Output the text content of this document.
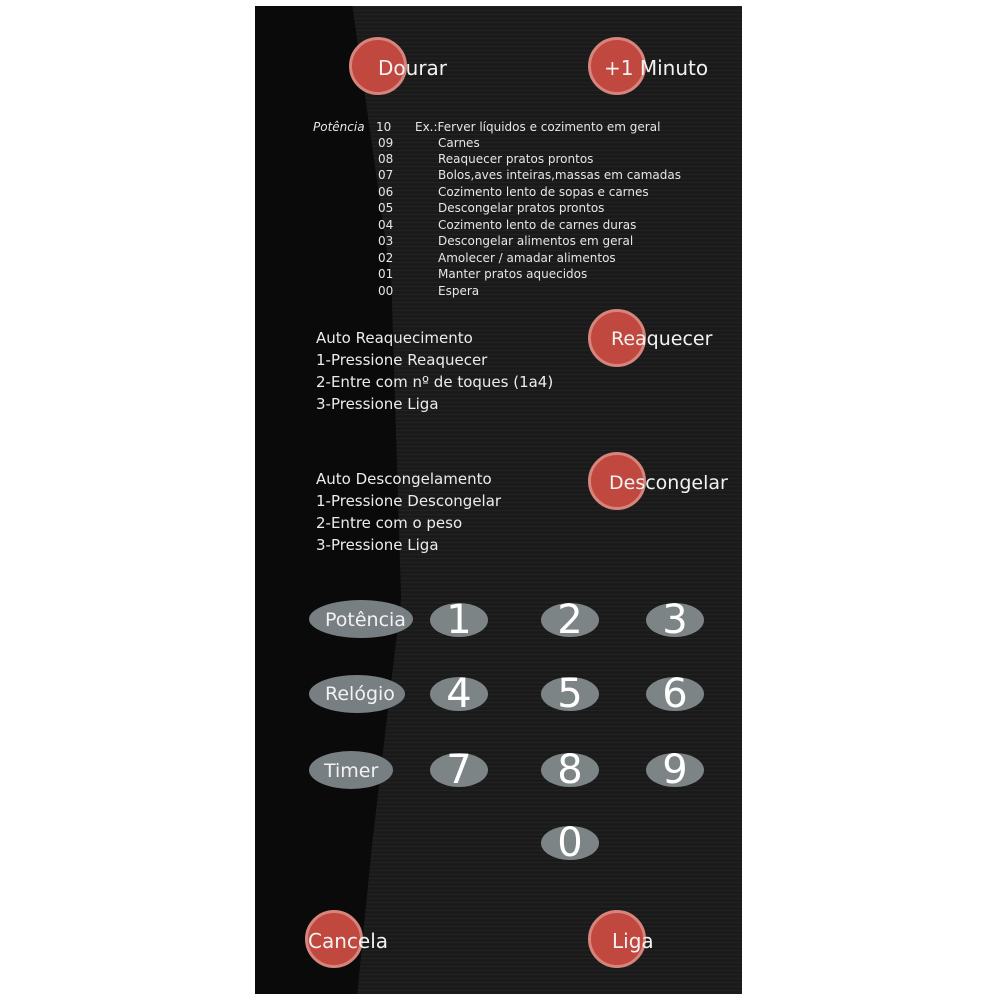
Dourar	+1 Minuto
Potência 10 Ex.:Ferver líquidos e cozimento em geral
09	Carnes
08	Reaquecer pratos prontos
07	Bolos,aves inteiras,massas em camadas
06	Cozimento lento de sopas e carnes
05	Descongelar pratos prontos
04	Cozimento lento de carnes duras
03	Descongelar alimentos em geral
02	Amolecer / amadar alimentos
01	Manter pratos aquecidos
00	Espera
Auto Reaquecimento
1-Pressione Reaquecer
2-Entre com nº de toques (1a4)
3-Pressione Liga
Reaquecer
Auto Descongelamento
1-Pressione Descongelar
2-Entre com o peso
3-Pressione Liga
Descongelar
Potência
Relógio
Timer
1	2	3
4	5	6
7	8	9
0
Cancela	Liga
